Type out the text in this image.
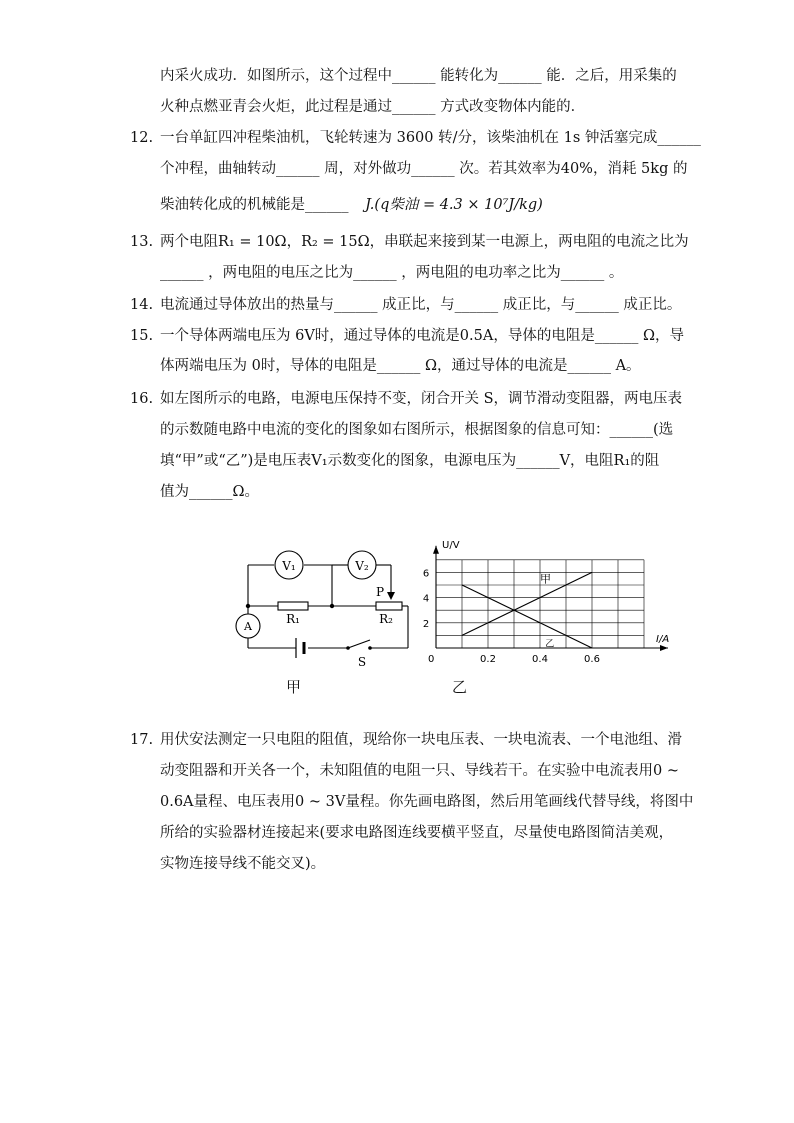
内采火成功．如图所示，这个过程中______ 能转化为______ 能．之后，用采集的
火种点燃亚青会火炬，此过程是通过______ 方式改变物体内能的．
12. 一台单缸四冲程柴油机，飞轮转速为 3600 转/分，该柴油机在 1s 钟活塞完成______
个冲程，曲轴转动______ 周，对外做功______ 次。若其效率为40%，消耗 5kg 的
柴油转化成的机械能是______ J.(q柴油 = 4.3 × 10⁷J/kg)
13. 两个电阻R₁ = 10Ω，R₂ = 15Ω，串联起来接到某一电源上，两电阻的电流之比为
______ ，两电阻的电压之比为______ ，两电阻的电功率之比为______ 。
14. 电流通过导体放出的热量与______ 成正比，与______ 成正比，与______ 成正比。
15. 一个导体两端电压为 6V时，通过导体的电流是0.5A，导体的电阻是______ Ω，导
体两端电压为 0时，导体的电阻是______ Ω，通过导体的电流是______ A。
16. 如左图所示的电路，电源电压保持不变，闭合开关 S，调节滑动变阻器，两电压表
的示数随电路中电流的变化的图象如右图所示，根据图象的信息可知：______(选
填“甲”或“乙”)是电压表V₁示数变化的图象，电源电压为______V，电阻R₁的阻
值为______Ω。
V₁	V₂
A
R₁	R₂
P
S
U/V
I/A
0
2
4
6
0.2	0.4	0.6
甲
乙
甲	乙
17. 用伏安法测定一只电阻的阻值，现给你一块电压表、一块电流表、一个电池组、滑
动变阻器和开关各一个，未知阻值的电阻一只、导线若干。在实验中电流表用0 ~
0.6A量程、电压表用0 ~ 3V量程。你先画电路图，然后用笔画线代替导线，将图中
所给的实验器材连接起来(要求电路图连线要横平竖直，尽量使电路图简洁美观，
实物连接导线不能交叉)。
